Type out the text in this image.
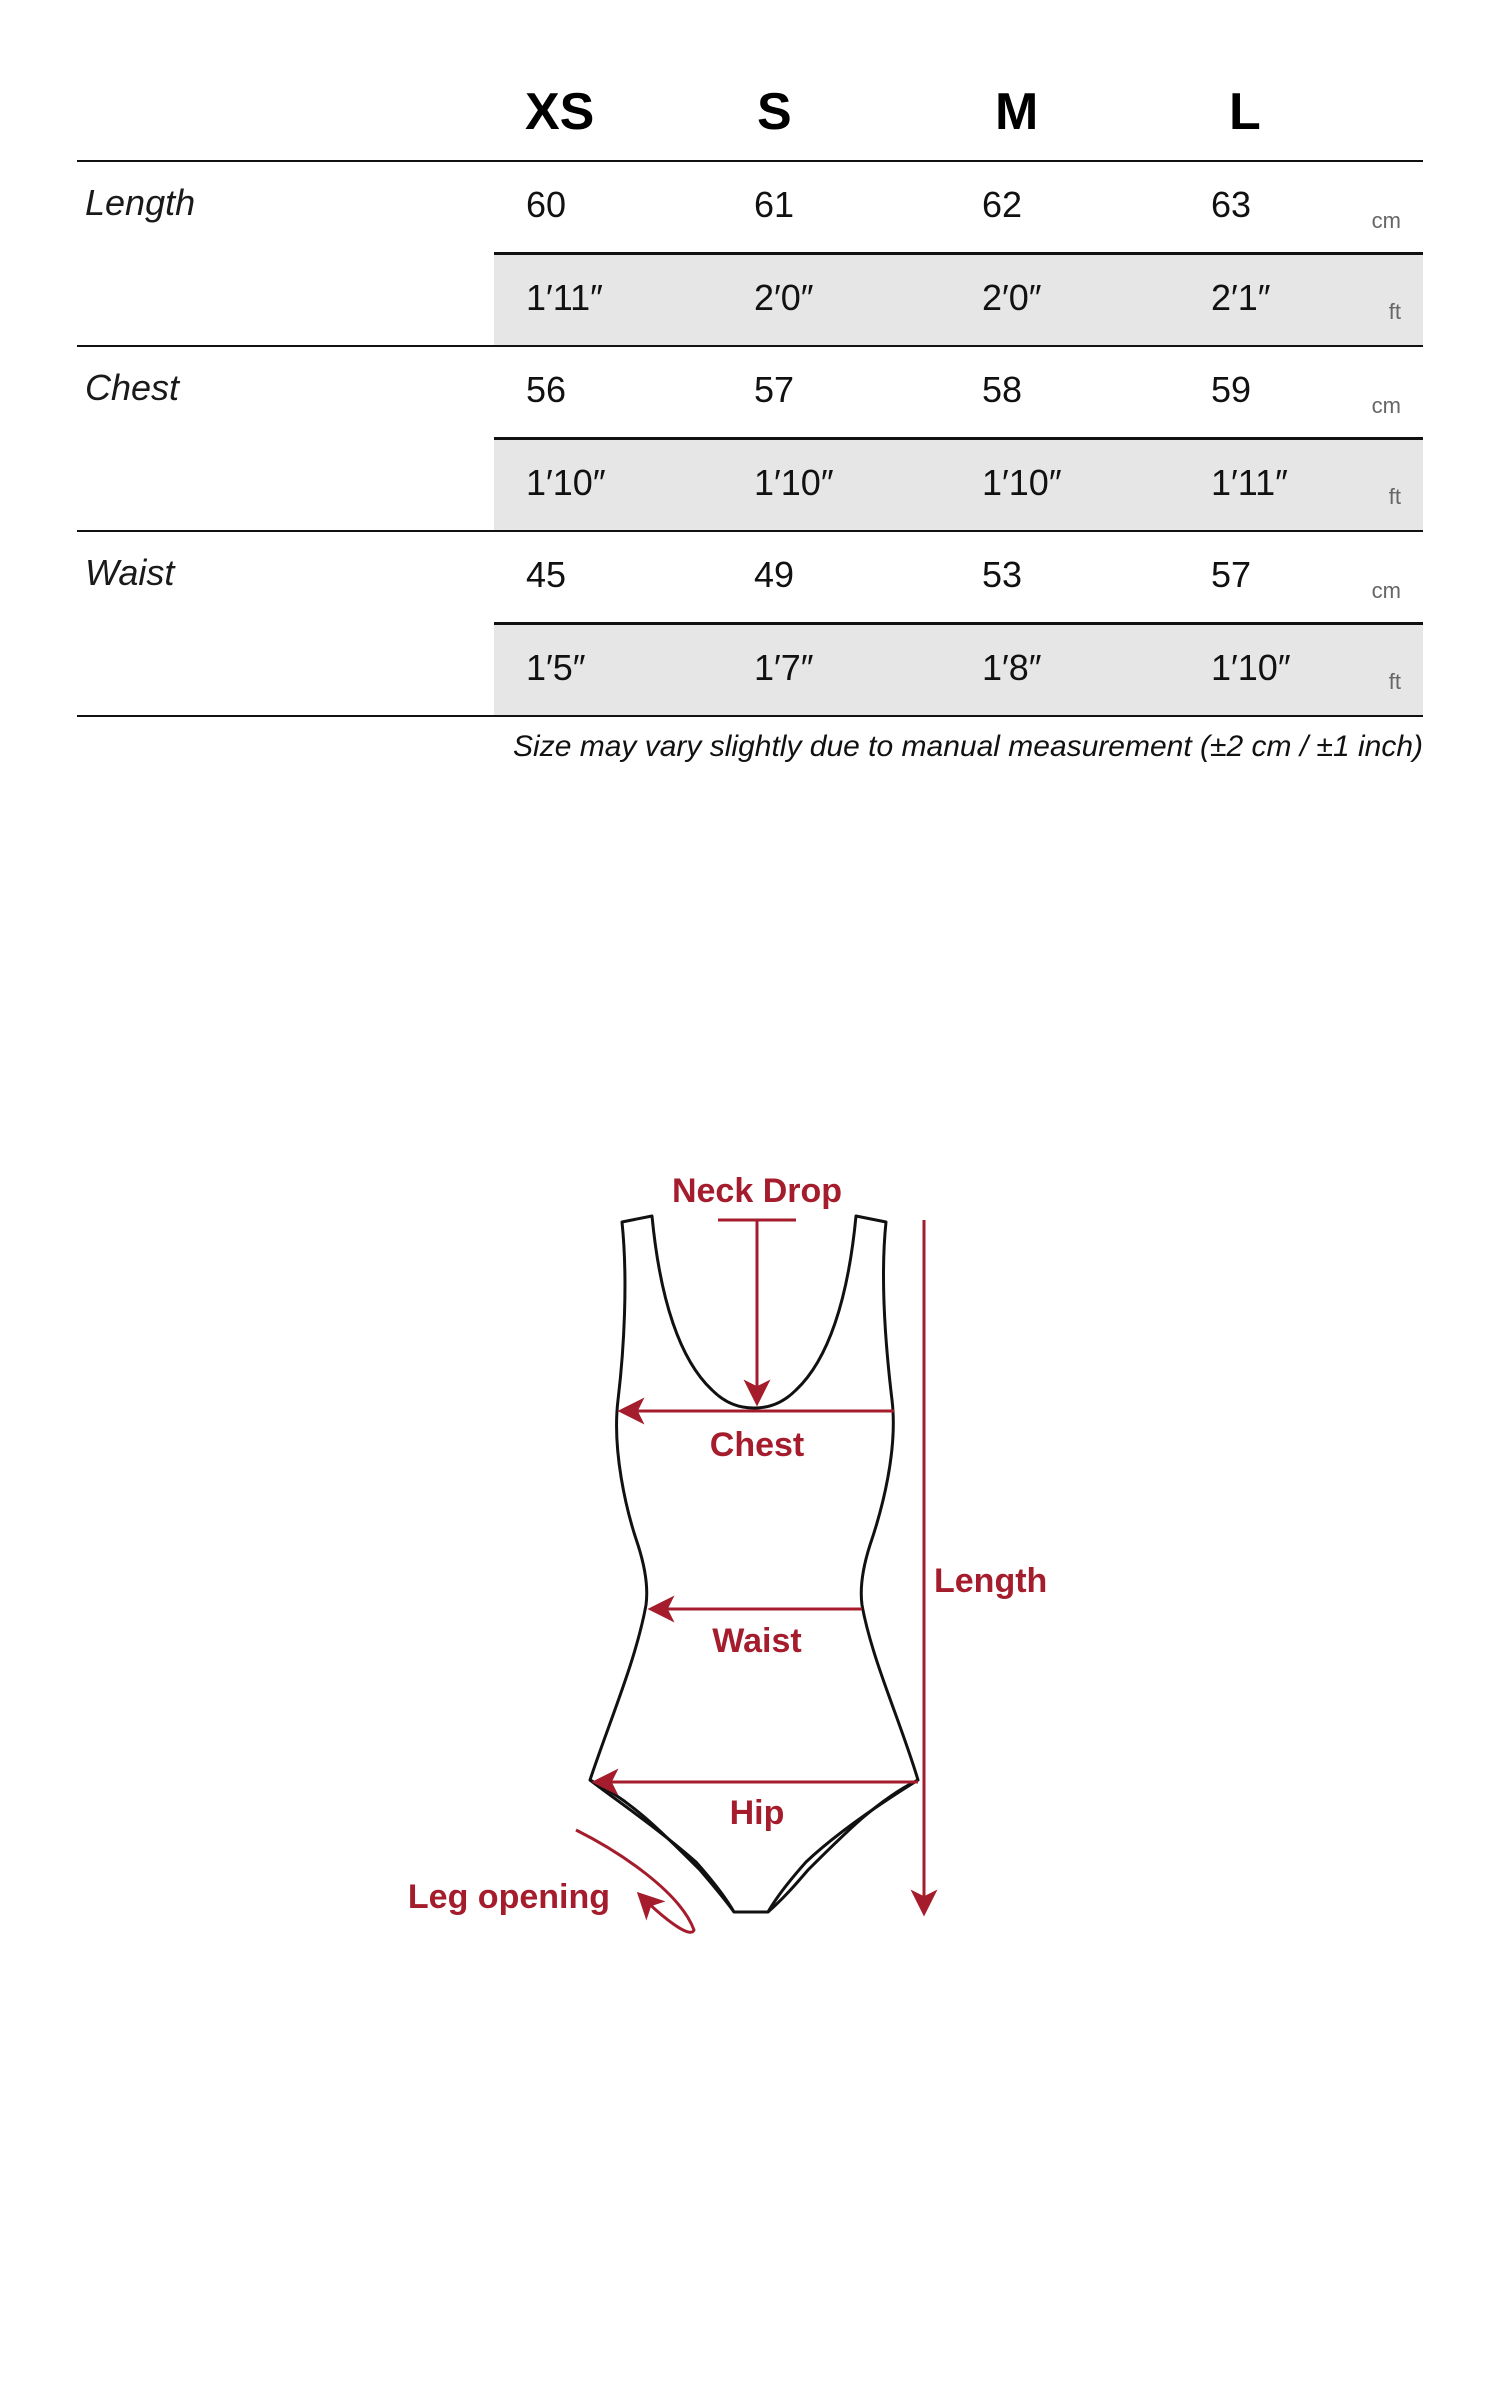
XS	S	M	L
Length	60	61	62	63	cm
1′11″	2′0″	2′0″	2′1″	ft
Chest	56	57	58	59	cm
1′10″	1′10″	1′10″	1′11″	ft
Waist	45	49	53	57	cm
1′5″	1′7″	1′8″	1′10″	ft
Size may vary slightly due to manual measurement (±2 cm / ±1 inch)
Neck Drop
Chest
Waist
Hip
Length
Leg opening
